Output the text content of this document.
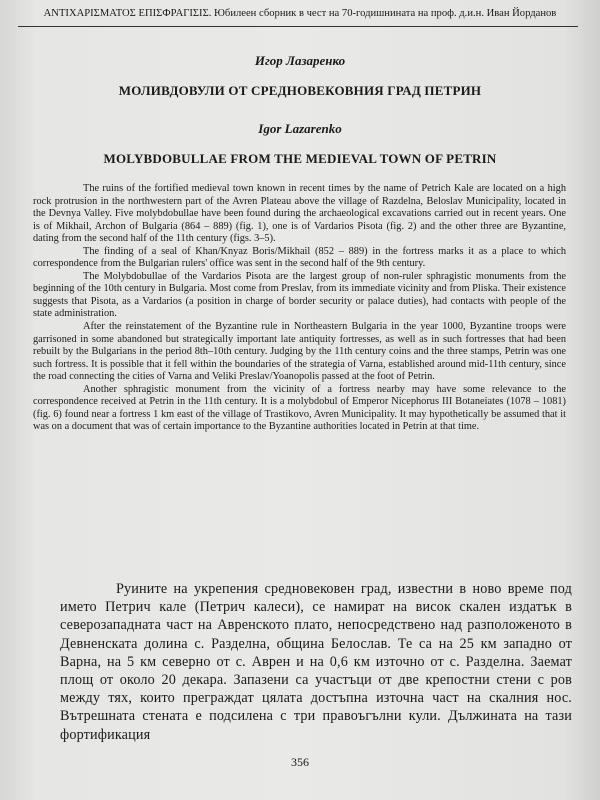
ANTIXAPIΣMATOΣ EΠIΣФPAГIΣIΣ. Юбилеен сборник в чест на 70-годишнината на проф. д.и.н. Иван Йорданов
Игор Лазаренко
МОЛИВДОВУЛИ ОТ СРЕДНОВЕКОВНИЯ ГРАД ПЕТРИН
Igor Lazarenko
MOLYBDOBULLAE FROM THE MEDIEVAL TOWN OF PETRIN

The ruins of the fortified medieval town known in recent times by the name of Petrich Kale are located on a high rock protrusion in the northwestern part of the Avren Plateau above the village of Razdelna, Beloslav Municipality, located in the Devnya Valley. Five molybdobullae have been found during the archaeological excavations carried out in recent years. One is of Mikhail, Archon of Bulgaria (864 – 889) (fig. 1), one is of Vardarios Pisota (fig. 2) and the other three are Byzantine, dating from the second half of the 11th century (figs. 3–5).

The finding of a seal of Khan/Knyaz Boris/Mikhail (852 – 889) in the fortress marks it as a place to which correspondence from the Bulgarian rulers' office was sent in the second half of the 9th century.

The Molybdobullae of the Vardarios Pisota are the largest group of non-ruler sphragistic monuments from the beginning of the 10th century in Bulgaria. Most come from Preslav, from its immediate vicinity and from Pliska. Their existence suggests that Pisota, as a Vardarios (a position in charge of border security or palace duties), had contacts with people of the state administration.

After the reinstatement of the Byzantine rule in Northeastern Bulgaria in the year 1000, Byzantine troops were garrisoned in some abandoned but strategically important late antiquity fortresses, as well as in such fortresses that had been rebuilt by the Bulgarians in the period 8th–10th century. Judging by the 11th century coins and the three stamps, Petrin was one such fortress. It is possible that it fell within the boundaries of the strategia of Varna, established around mid-11th century, since the road connecting the cities of Varna and Veliki Preslav/Yoanopolis passed at the foot of Petrin.

Another sphragistic monument from the vicinity of a fortress nearby may have some relevance to the correspondence received at Petrin in the 11th century. It is a molybdobul of Emperor Nicephorus III Botaneiates (1078 – 1081) (fig. 6) found near a fortress 1 km east of the village of Trastikovo, Avren Municipality. It may hypothetically be assumed that it was on a document that was of certain importance to the Byzantine authorities located in Petrin at that time.

Руините на укрепения средновековен град, известни в ново време под името Петрич кале (Петрич калеси), се намират на висок скален издатък в северозападната част на Авренското плато, непосредствено над разположеното в Девненската долина с. Разделна, община Белослав. Те са на 25 км западно от Варна, на 5 км северно от с. Аврен и на 0,6 км източно от с. Разделна. Заемат площ от около 20 декара. Запазени са участъци от две крепостни стени с ров между тях, които преграждат цялата достъпна източна част на скалния нос. Вътрешната стената е подсилена с три правоъгълни кули. Дължината на тази фортификация

356
